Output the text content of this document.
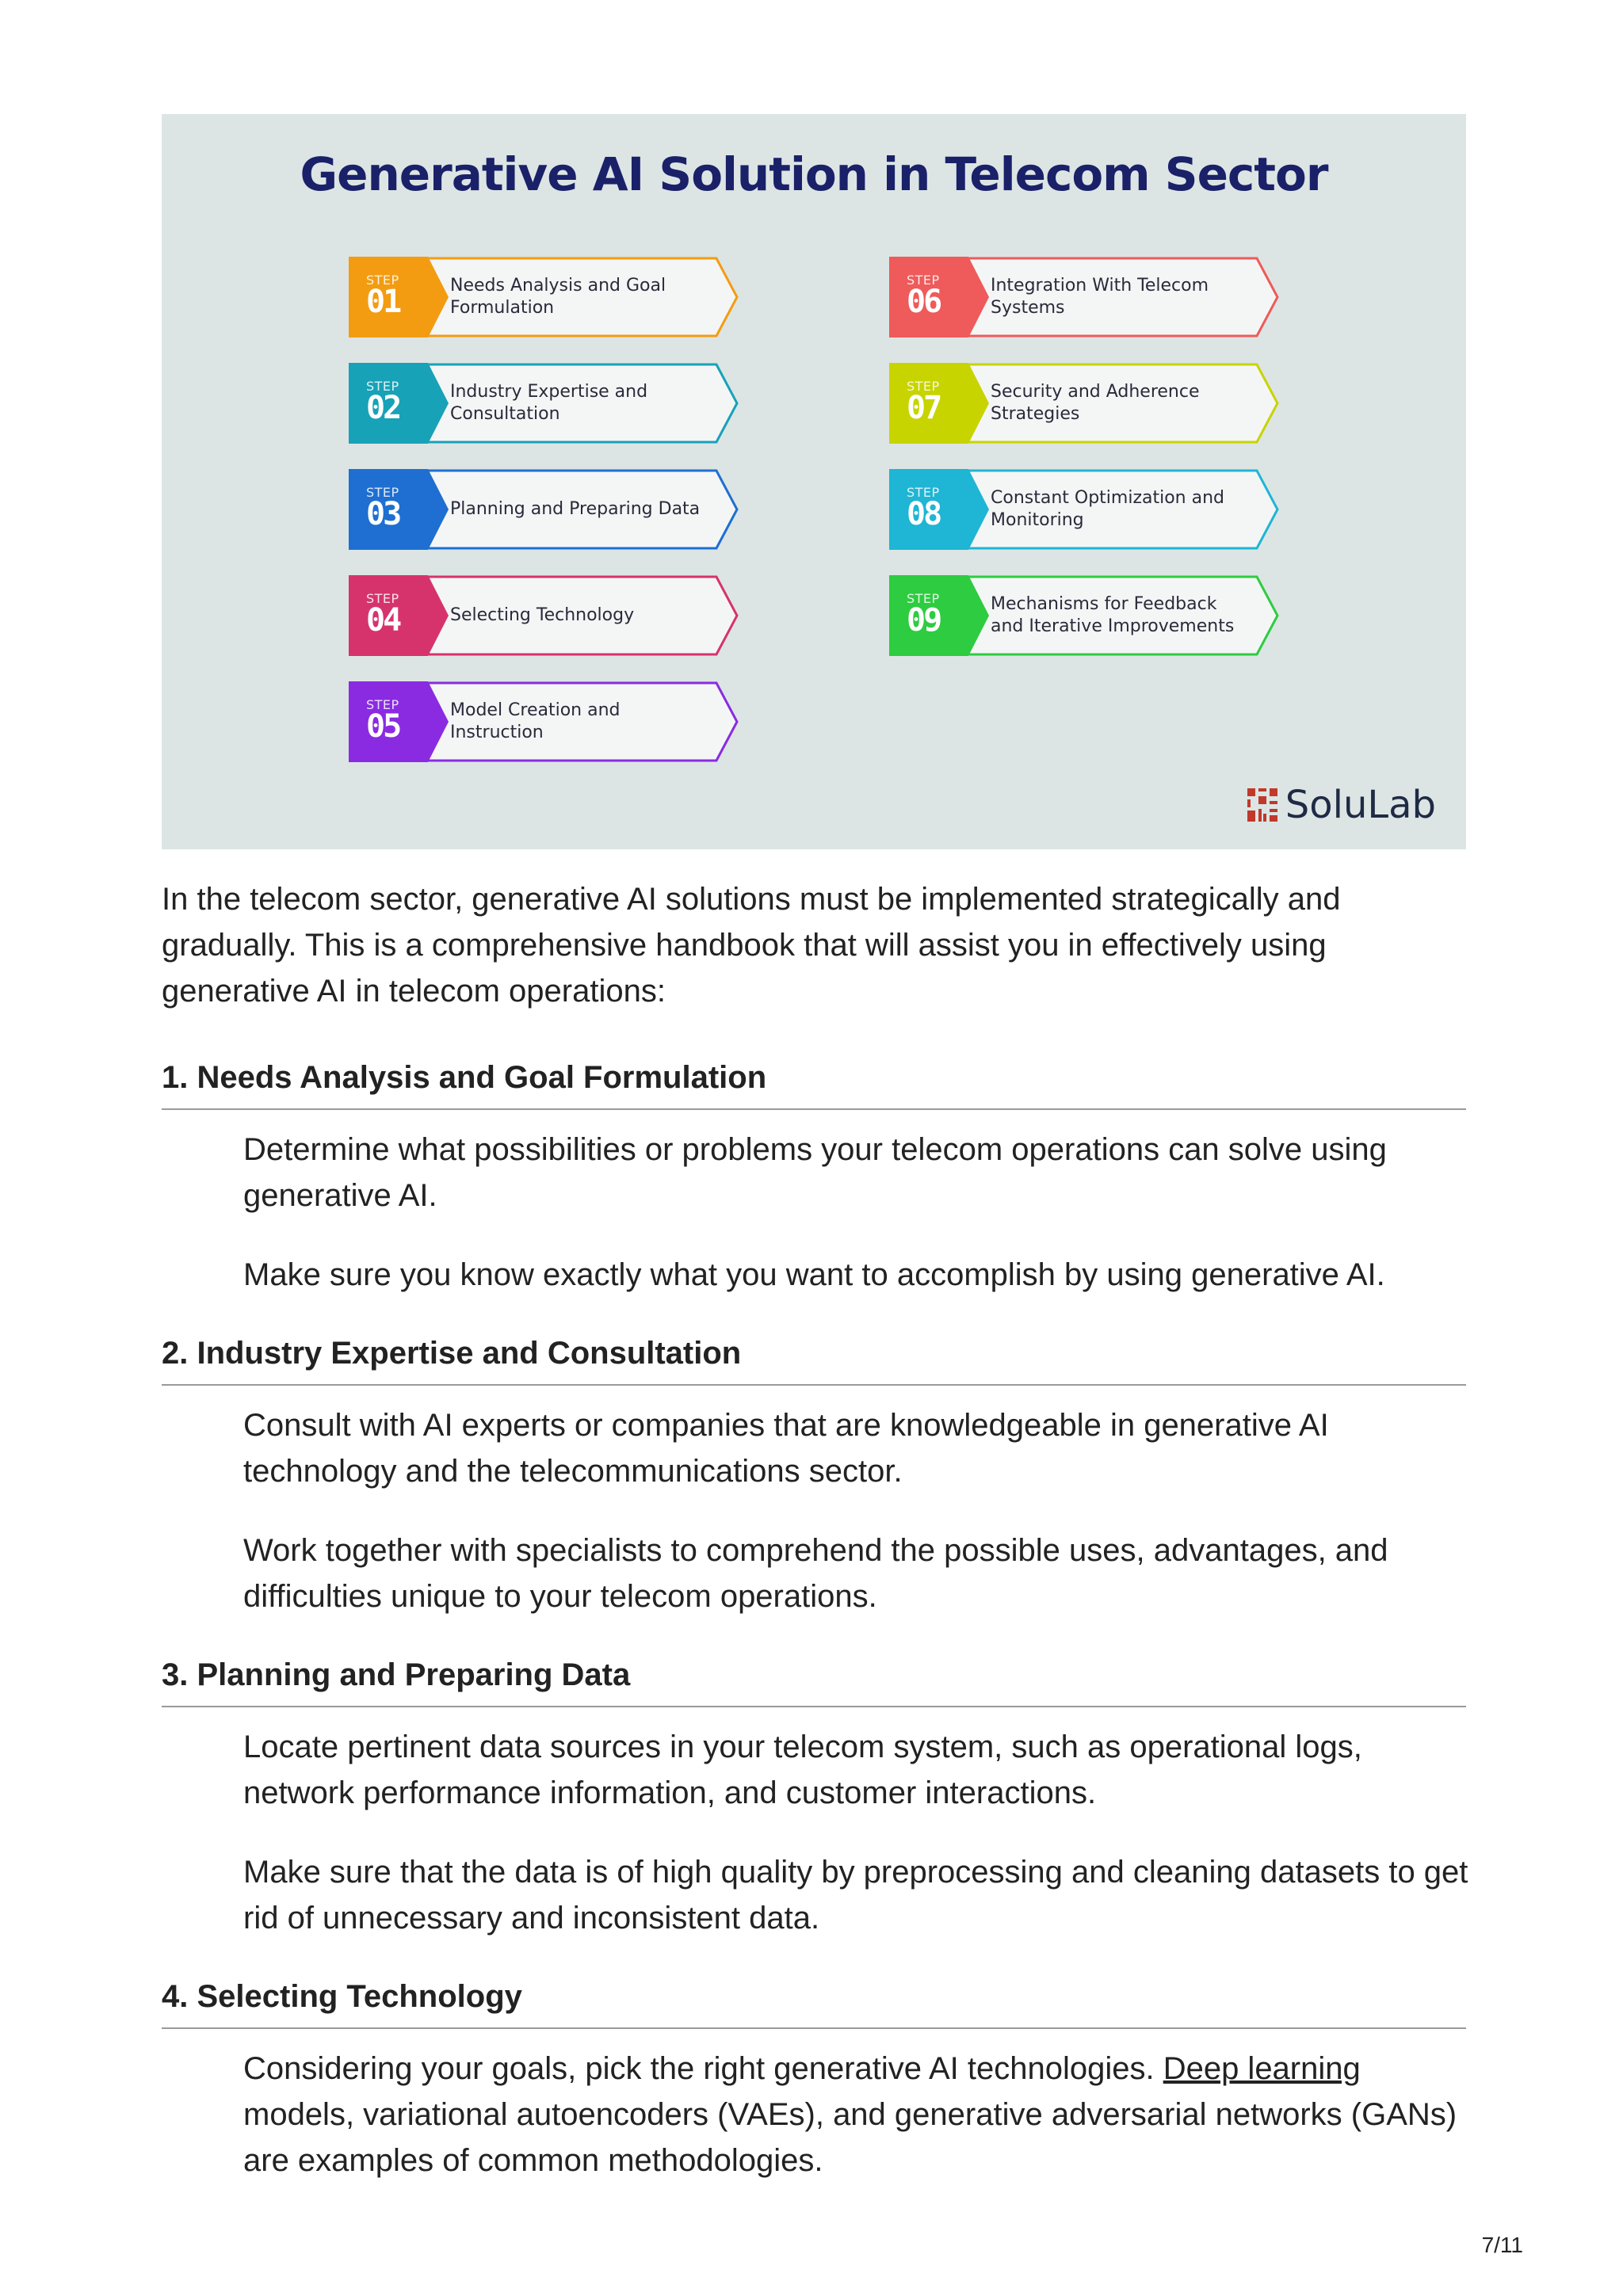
Generative AI Solution in Telecom Sector
STEP
01	Needs Analysis and Goal Formulation
STEP
02	Industry Expertise and Consultation
STEP
03	Planning and Preparing Data
STEP
04	Selecting Technology
STEP
05	Model Creation and Instruction
STEP
06	Integration With Telecom Systems
STEP
07	Security and Adherence Strategies
STEP
08	Constant Optimization and Monitoring
STEP
09	Mechanisms for Feedback and Iterative Improvements
SoluLab
In the telecom sector, generative AI solutions must be implemented strategically and gradually. This is a comprehensive handbook that will assist you in effectively using generative AI in telecom operations:
1. Needs Analysis and Goal Formulation
Determine what possibilities or problems your telecom operations can solve using generative AI.
Make sure you know exactly what you want to accomplish by using generative AI.
2. Industry Expertise and Consultation
Consult with AI experts or companies that are knowledgeable in generative AI technology and the telecommunications sector.
Work together with specialists to comprehend the possible uses, advantages, and difficulties unique to your telecom operations.
3. Planning and Preparing Data
Locate pertinent data sources in your telecom system, such as operational logs, network performance information, and customer interactions.
Make sure that the data is of high quality by preprocessing and cleaning datasets to get rid of unnecessary and inconsistent data.
4. Selecting Technology
Considering your goals, pick the right generative AI technologies. Deep learning models, variational autoencoders (VAEs), and generative adversarial networks (GANs) are examples of common methodologies.
7/11
